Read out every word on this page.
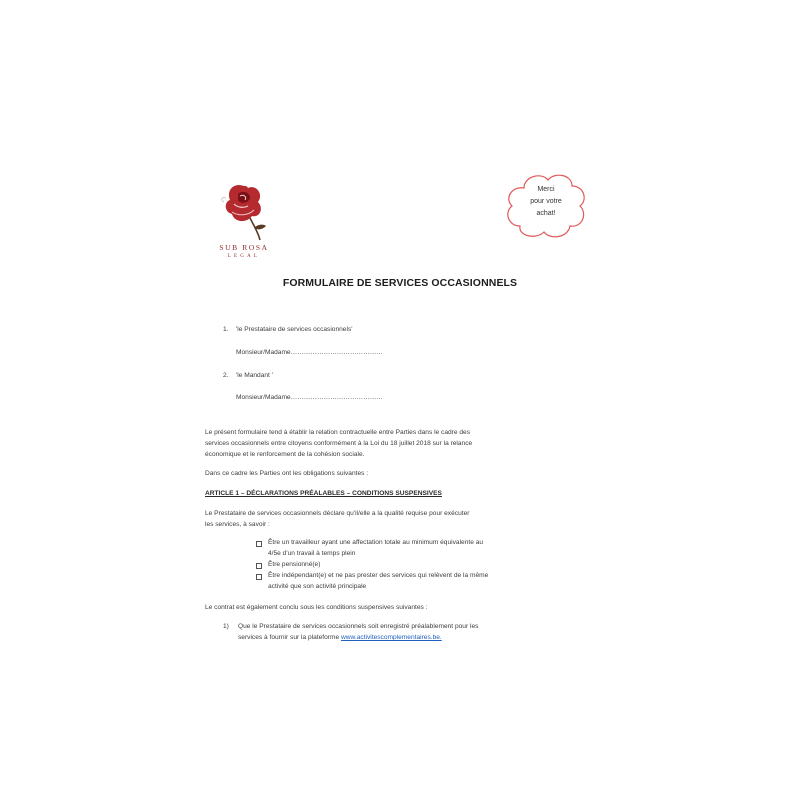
SUB ROSA
LEGAL
Merci
pour votre
achat!
FORMULAIRE DE SERVICES OCCASIONNELS
1. 'le Prestataire de services occasionnels'
Monsieur/Madame……………………………………
2. 'le Mandant '
Monsieur/Madame……………………………………
Le présent formulaire tend à établir la relation contractuelle entre Parties dans le cadre des
services occasionnels entre citoyens conformément à la Loi du 18 juillet 2018 sur la relance
économique et le renforcement de la cohésion sociale.
Dans ce cadre les Parties ont les obligations suivantes :
ARTICLE 1 – DÉCLARATIONS PRÉALABLES – CONDITIONS SUSPENSIVES
Le Prestataire de services occasionnels déclare qu'il/elle a la qualité requise pour exécuter
les services, à savoir :
Être un travailleur ayant une affectation totale au minimum équivalente au
4/5e d'un travail à temps plein
Être pensionné(e)
Être indépendant(e) et ne pas prester des services qui relèvent de la même
activité que son activité principale
Le contrat est également conclu sous les conditions suspensives suivantes :
1) Que le Prestataire de services occasionnels soit enregistré préalablement pour les
services à fournir sur la plateforme www.activitescomplementaires.be.
